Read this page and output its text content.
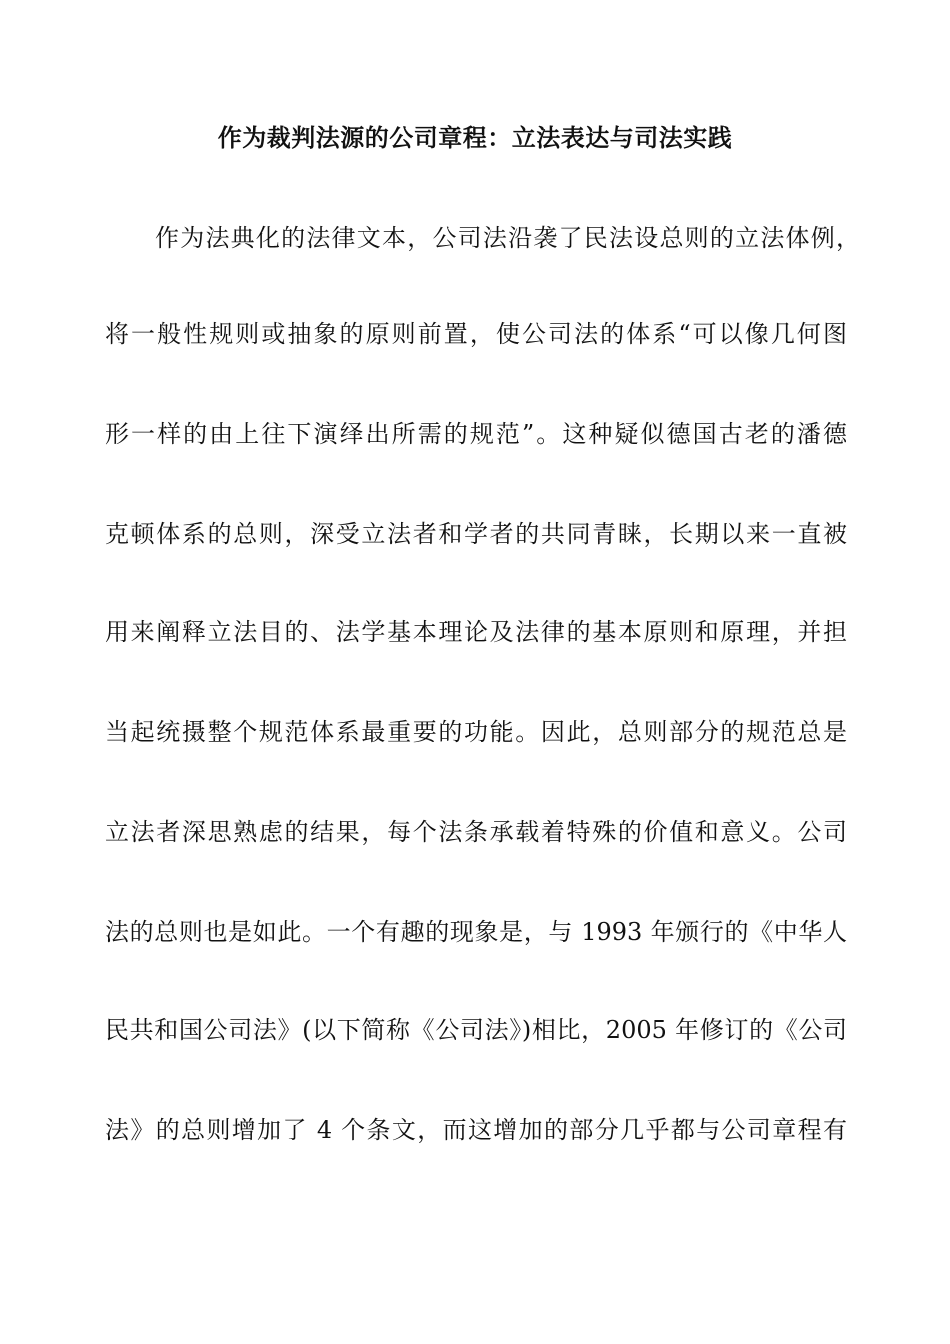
作为裁判法源的公司章程：立法表达与司法实践
作为法典化的法律文本，公司法沿袭了民法设总则的立法体例，
将一般性规则或抽象的原则前置，使公司法的体系“可以像几何图
形一样的由上往下演绎出所需的规范”。这种疑似德国古老的潘德
克顿体系的总则，深受立法者和学者的共同青睐，长期以来一直被
用来阐释立法目的、法学基本理论及法律的基本原则和原理，并担
当起统摄整个规范体系最重要的功能。因此，总则部分的规范总是
立法者深思熟虑的结果，每个法条承载着特殊的价值和意义。公司
法的总则也是如此。一个有趣的现象是，与 1993 年颁行的《中华人
民共和国公司法》(以下简称《公司法》)相比，2005 年修订的《公司
法》的总则增加了 4 个条文，而这增加的部分几乎都与公司章程有
